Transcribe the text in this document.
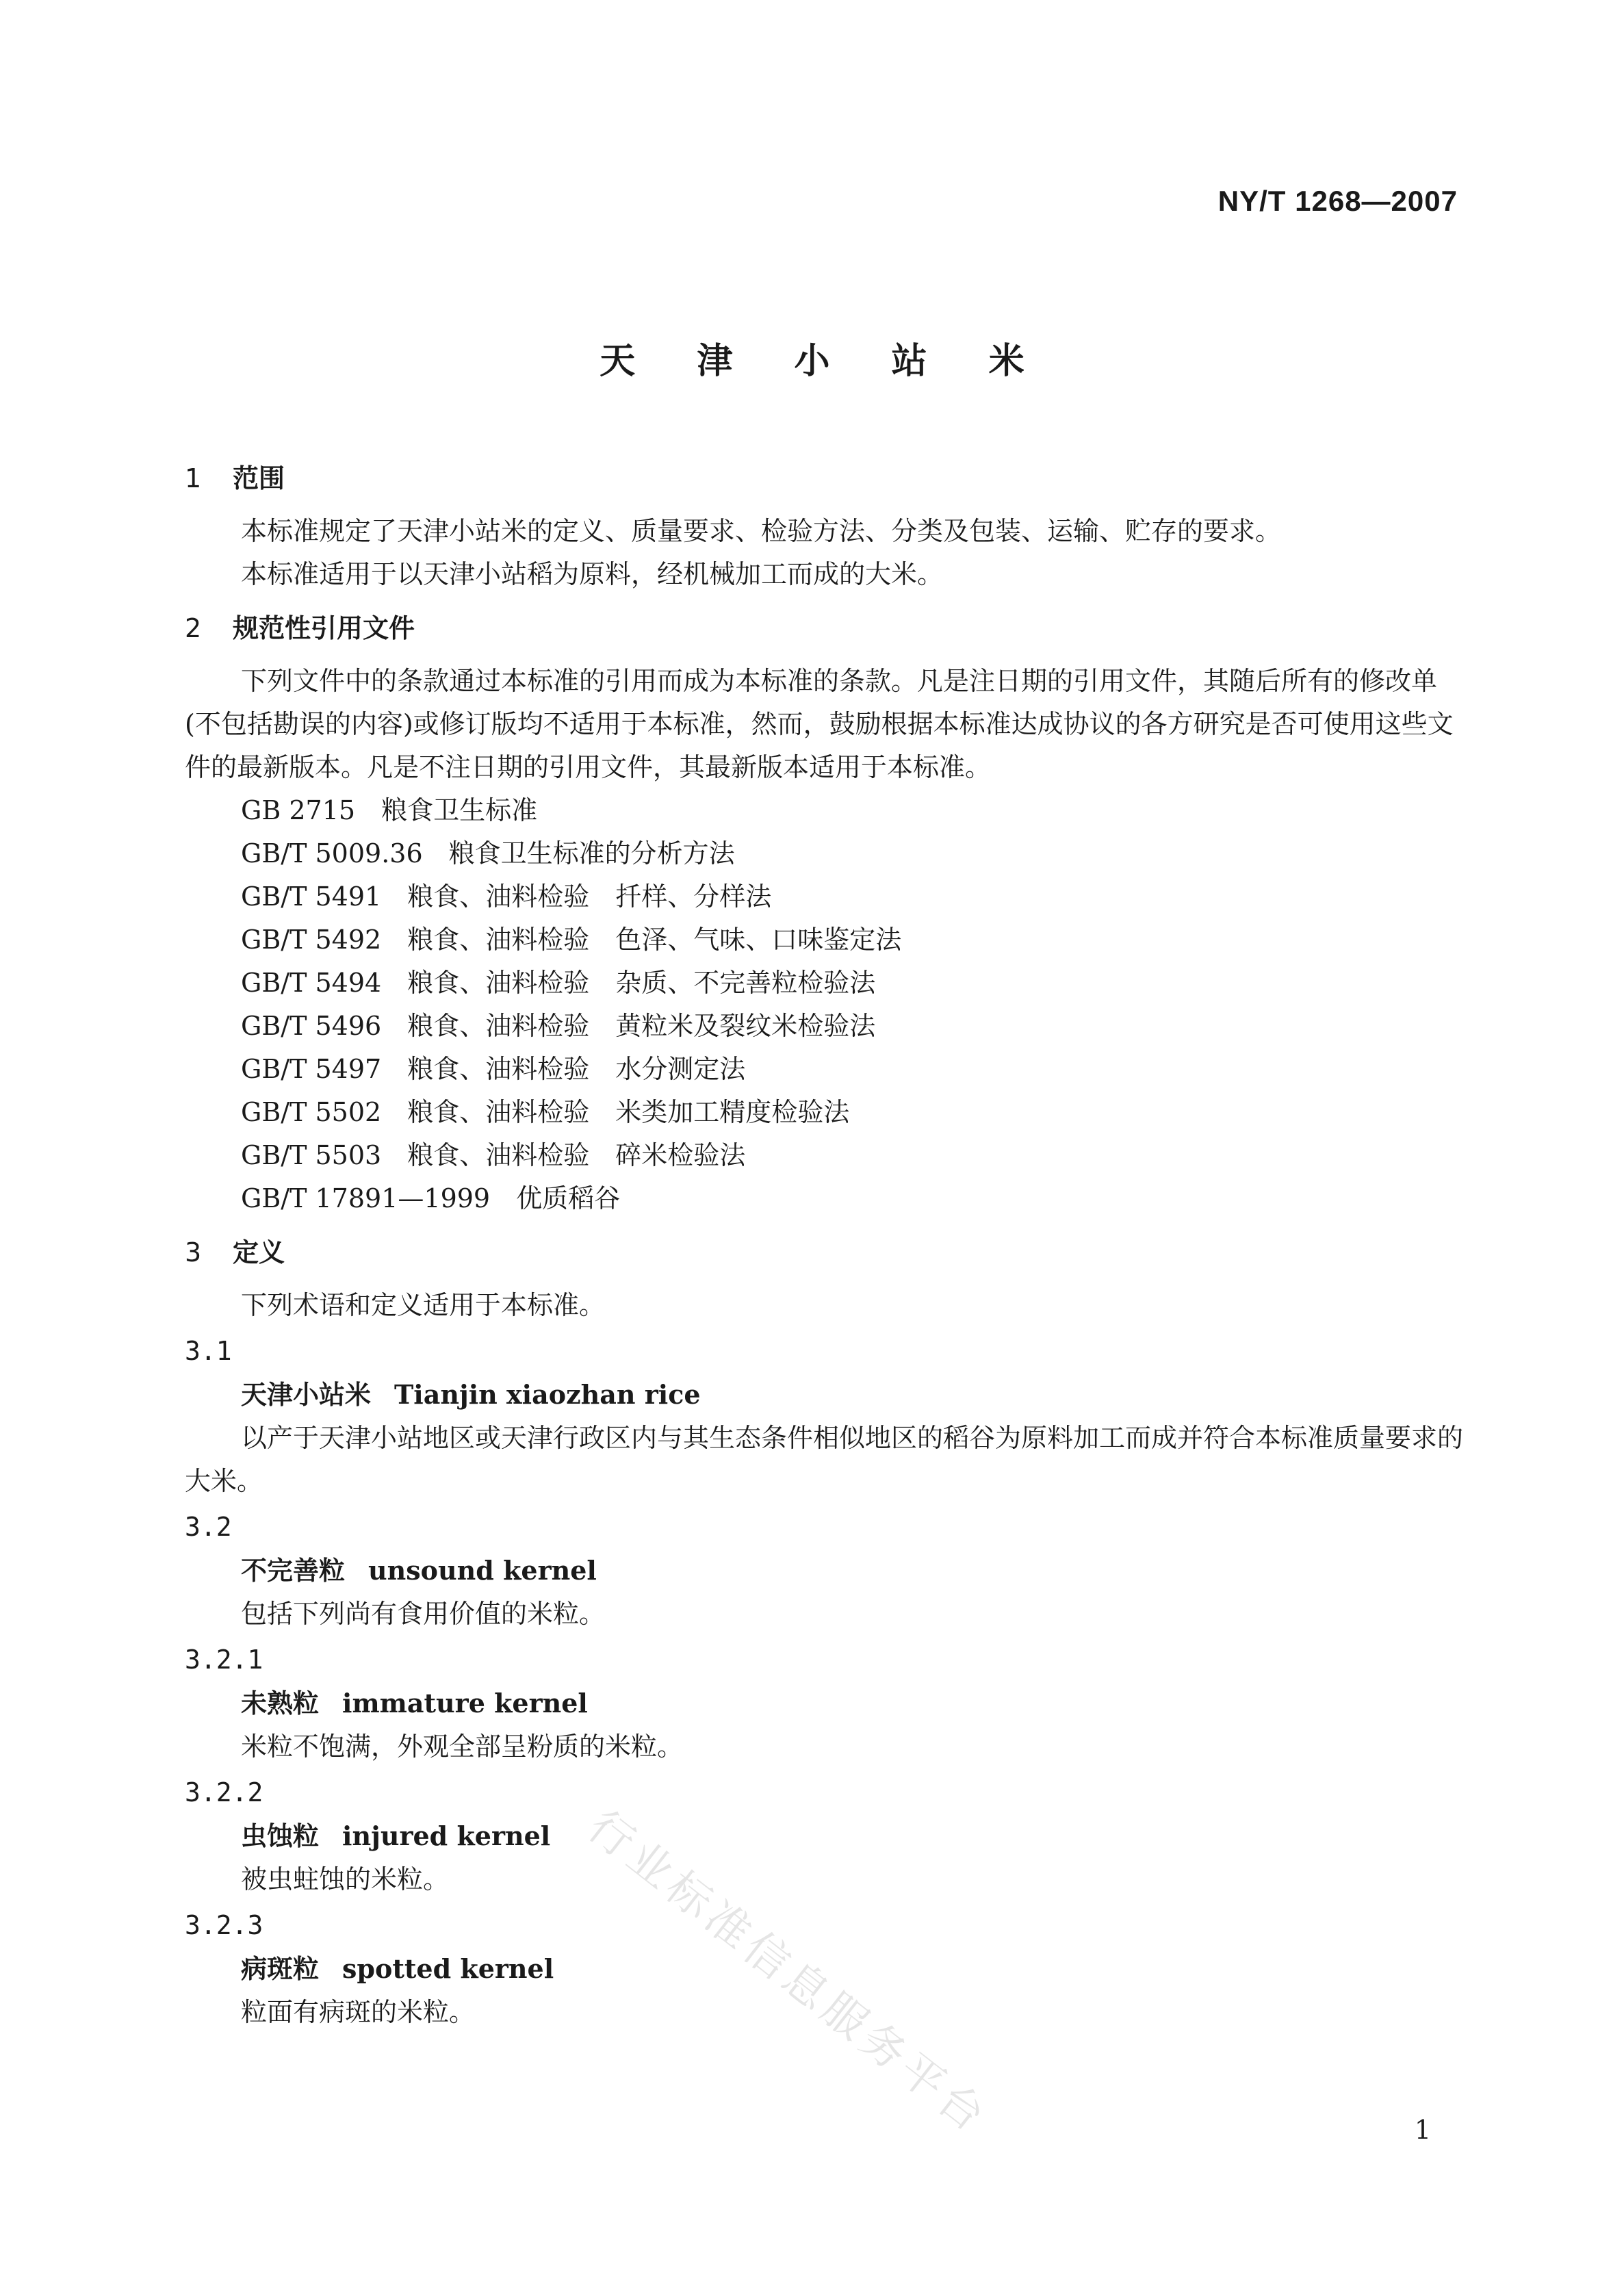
NY/T 1268—2007
天 津 小 站 米
1 范围
本标准规定了天津小站米的定义、质量要求、检验方法、分类及包装、运输、贮存的要求。
本标准适用于以天津小站稻为原料，经机械加工而成的大米。
2 规范性引用文件
下列文件中的条款通过本标准的引用而成为本标准的条款。凡是注日期的引用文件，其随后所有的修改单(不包括勘误的内容)或修订版均不适用于本标准，然而，鼓励根据本标准达成协议的各方研究是否可使用这些文件的最新版本。凡是不注日期的引用文件，其最新版本适用于本标准。
GB 2715　 粮食卫生标准
GB/T 5009.36　 粮食卫生标准的分析方法
GB/T 5491　 粮食、油料检验　扦样、分样法
GB/T 5492　 粮食、油料检验　色泽、气味、口味鉴定法
GB/T 5494　 粮食、油料检验　杂质、不完善粒检验法
GB/T 5496　 粮食、油料检验　黄粒米及裂纹米检验法
GB/T 5497　 粮食、油料检验　水分测定法
GB/T 5502　 粮食、油料检验　米类加工精度检验法
GB/T 5503　 粮食、油料检验　碎米检验法
GB/T 17891—1999　 优质稻谷
3 定义
下列术语和定义适用于本标准。
3.1
天津小站米 Tianjin xiaozhan rice
以产于天津小站地区或天津行政区内与其生态条件相似地区的稻谷为原料加工而成并符合本标准质量要求的大米。
3.2
不完善粒 unsound kernel
包括下列尚有食用价值的米粒。
3.2.1
未熟粒 immature kernel
米粒不饱满，外观全部呈粉质的米粒。
3.2.2
虫蚀粒 injured kernel
被虫蛀蚀的米粒。
3.2.3
病斑粒 spotted kernel
粒面有病斑的米粒。	行业标准信息服务平台	1
